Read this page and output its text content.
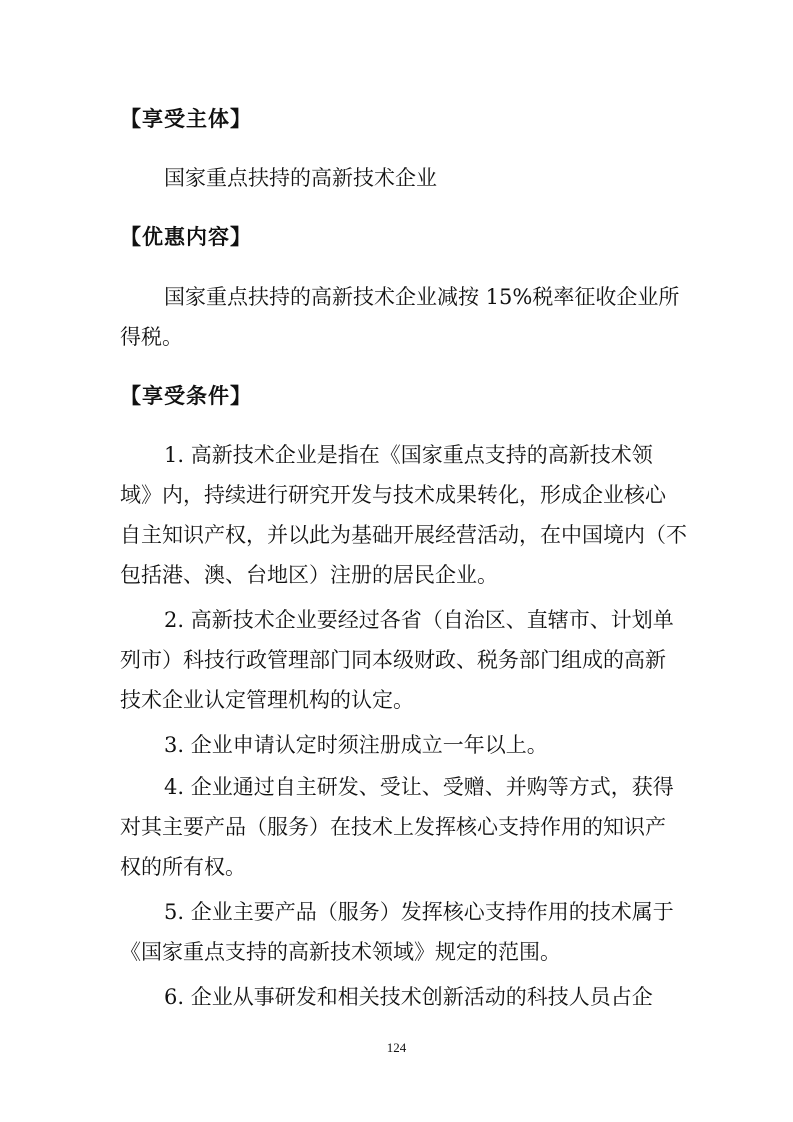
【享受主体】
国家重点扶持的高新技术企业
【优惠内容】
国家重点扶持的高新技术企业减按 15%税率征收企业所
得税。
【享受条件】
1. 高新技术企业是指在《国家重点支持的高新技术领
域》内，持续进行研究开发与技术成果转化，形成企业核心
自主知识产权，并以此为基础开展经营活动，在中国境内（不
包括港、澳、台地区）注册的居民企业。
2. 高新技术企业要经过各省（自治区、直辖市、计划单
列市）科技行政管理部门同本级财政、税务部门组成的高新
技术企业认定管理机构的认定。
3. 企业申请认定时须注册成立一年以上。
4. 企业通过自主研发、受让、受赠、并购等方式，获得
对其主要产品（服务）在技术上发挥核心支持作用的知识产
权的所有权。
5. 企业主要产品（服务）发挥核心支持作用的技术属于
《国家重点支持的高新技术领域》规定的范围。
6. 企业从事研发和相关技术创新活动的科技人员占企
124
